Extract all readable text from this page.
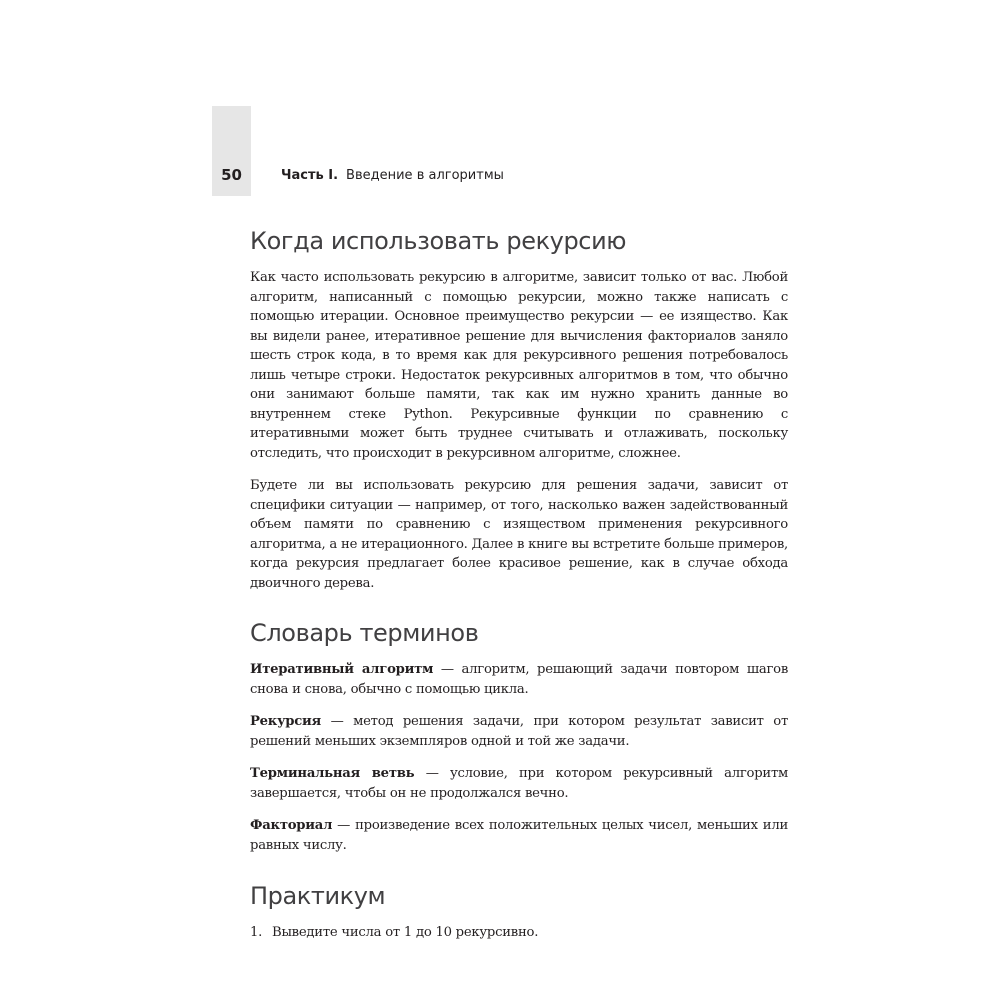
50	Часть I. Введение в алгоритмы
Когда использовать рекурсию

Как часто использовать рекурсию в алгоритме, зависит только от вас. Любой алгоритм, написанный с помощью рекурсии, можно также написать с помощью итерации. Основное преимущество рекурсии — ее изящество. Как вы видели ранее, итеративное решение для вычисления факториалов заняло шесть строк кода, в то время как для рекурсивного решения потребовалось лишь четыре строки. Недостаток рекурсивных алгоритмов в том, что обычно они занимают больше памяти, так как им нужно хранить данные во внутреннем стеке Python. Рекурсивные функции по сравнению с итеративными может быть труднее считывать и отлаживать, поскольку отследить, что происходит в рекурсивном алгоритме, сложнее.

Будете ли вы использовать рекурсию для решения задачи, зависит от специфики ситуации — например, от того, насколько важен задействованный объем памяти по сравнению с изяществом применения рекурсивного алгоритма, а не итерационного. Далее в книге вы встретите больше примеров, когда рекурсия предлагает более красивое решение, как в случае обхода двоичного дерева.

Словарь терминов

Итеративный алгоритм — алгоритм, решающий задачи повтором шагов снова и снова, обычно с помощью цикла.

Рекурсия — метод решения задачи, при котором результат зависит от решений меньших экземпляров одной и той же задачи.

Терминальная ветвь — условие, при котором рекурсивный алгоритм завершается, чтобы он не продолжался вечно.

Факториал — произведение всех положительных целых чисел, меньших или равных числу.

Практикум

1. Выведите числа от 1 до 10 рекурсивно.
